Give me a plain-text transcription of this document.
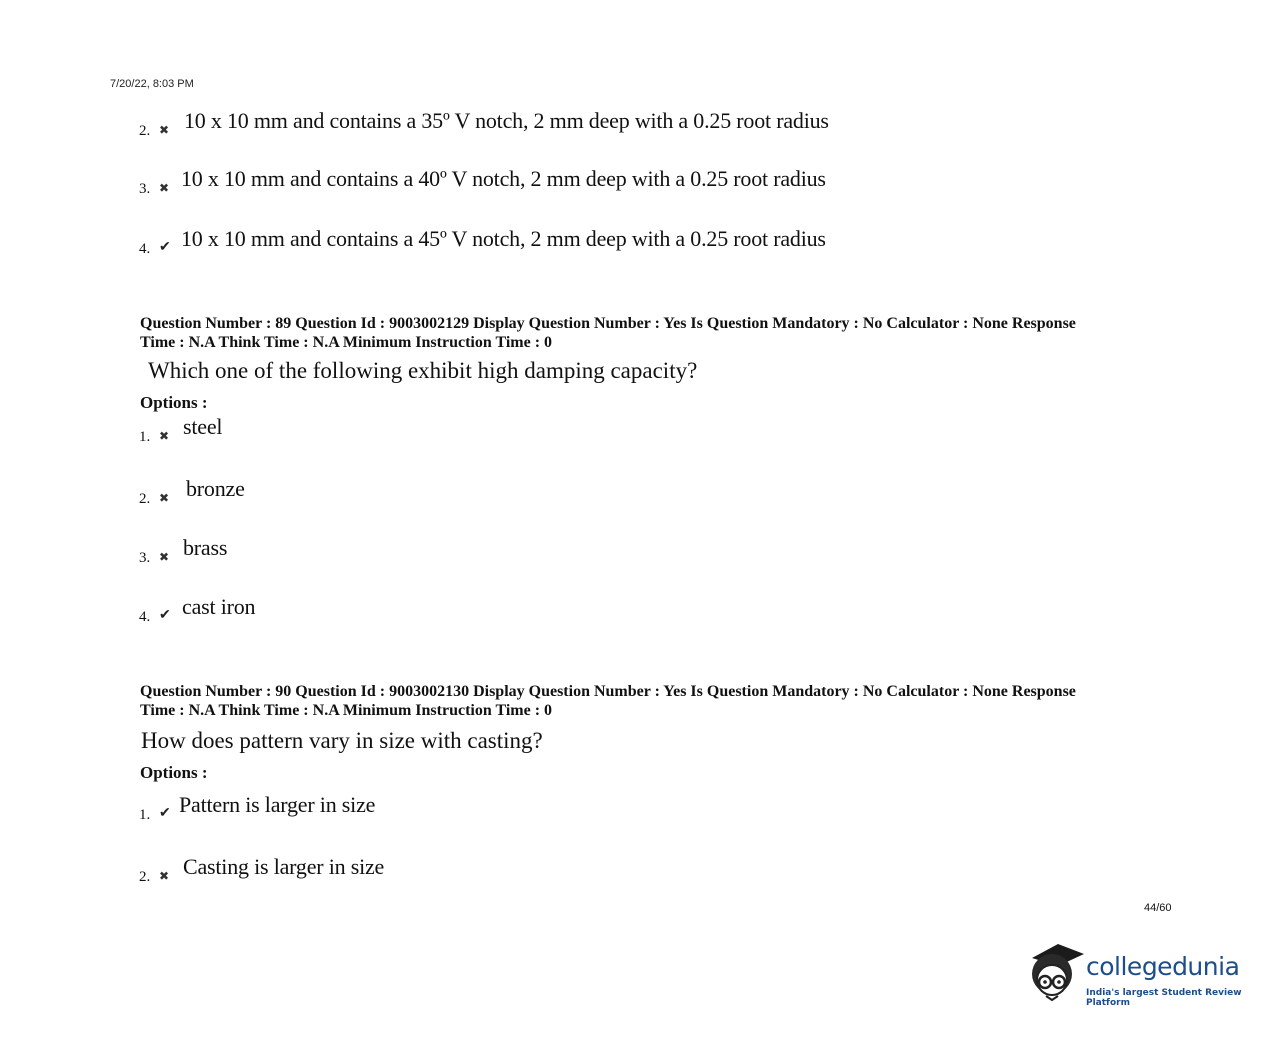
7/20/22, 8:03 PM
2. ✖ 10 x 10 mm and contains a 35º V notch, 2 mm deep with a 0.25 root radius
3. ✖ 10 x 10 mm and contains a 40º V notch, 2 mm deep with a 0.25 root radius
4. ✔ 10 x 10 mm and contains a 45º V notch, 2 mm deep with a 0.25 root radius
Question Number : 89 Question Id : 9003002129 Display Question Number : Yes Is Question Mandatory : No Calculator : None Response
Time : N.A Think Time : N.A Minimum Instruction Time : 0
Which one of the following exhibit high damping capacity?
Options :
1. ✖ steel
2. ✖ bronze
3. ✖ brass
4. ✔ cast iron
Question Number : 90 Question Id : 9003002130 Display Question Number : Yes Is Question Mandatory : No Calculator : None Response
Time : N.A Think Time : N.A Minimum Instruction Time : 0
How does pattern vary in size with casting?
Options :
1. ✔ Pattern is larger in size
2. ✖ Casting is larger in size
44/60
collegedunia
India's largest Student Review Platform
